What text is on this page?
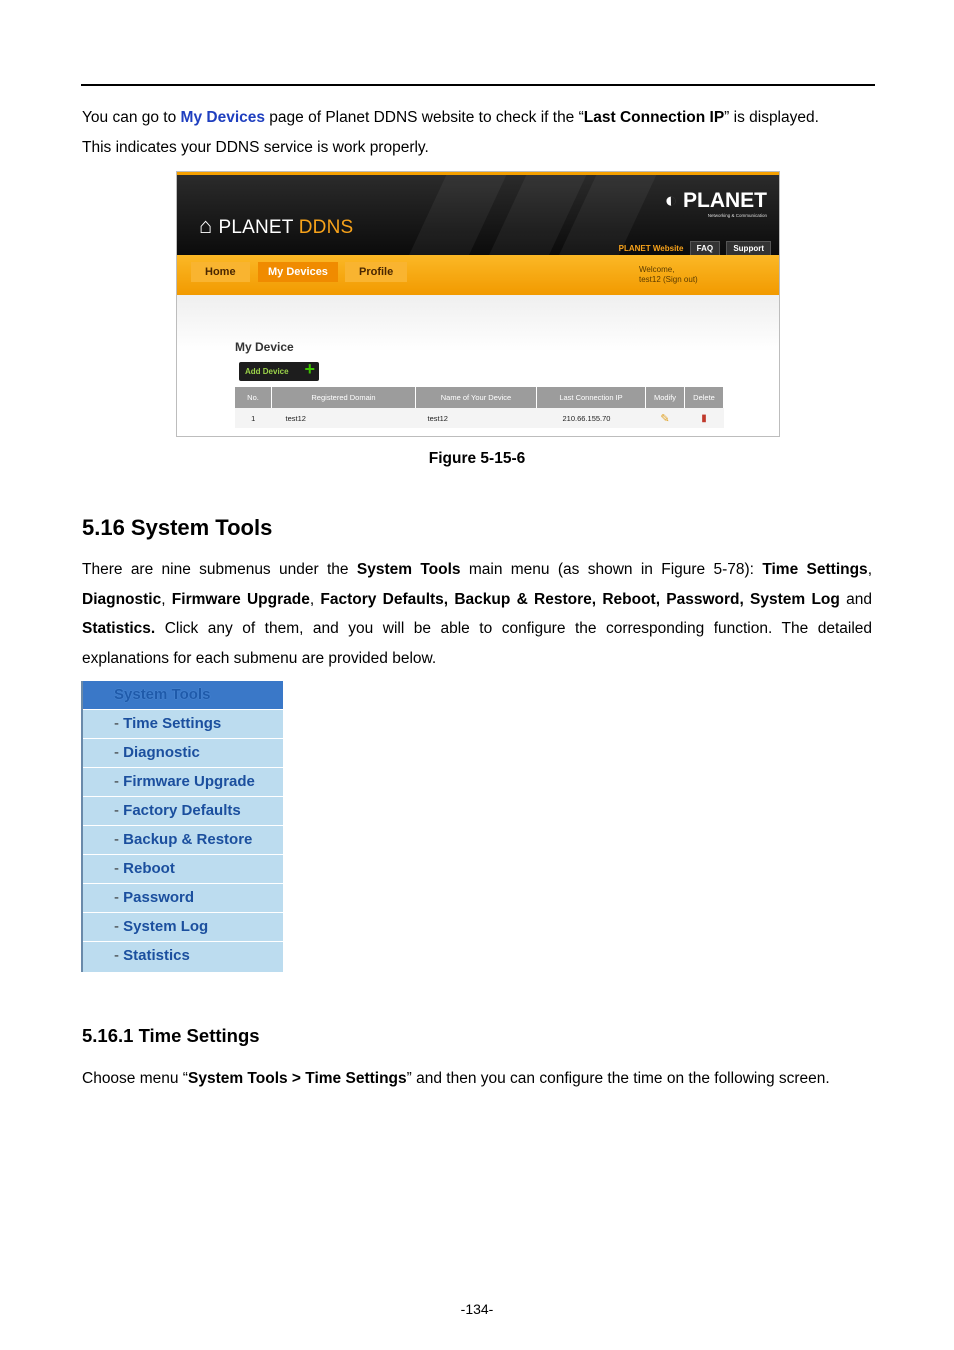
You can go to My Devices page of Planet DDNS website to check if the “Last Connection IP” is displayed.
This indicates your DDNS service is work properly.

⌂ PLANET DDNS
◐ PLANET
Networking & Communication
PLANET Website FAQ	Support
Home	My Devices	Profile	Welcome,
test12 (Sign out)
My Device
Add Device +
No.	Registered Domain	Name of Your Device	Last Connection IP	Modify	Delete
1	test12	test12	210.66.155.70	✎	▮
Figure 5-15-6
5.16 System Tools

There are nine submenus under the System Tools main menu (as shown in Figure 5-78): Time Settings, Diagnostic, Firmware Upgrade, Factory Defaults, Backup & Restore, Reboot, Password, System Log and Statistics. Click any of them, and you will be able to configure the corresponding function. The detailed explanations for each submenu are provided below.

System Tools
- Time Settings
- Diagnostic
- Firmware Upgrade
- Factory Defaults
- Backup & Restore
- Reboot
- Password
- System Log
- Statistics
5.16.1 Time Settings

Choose menu “System Tools > Time Settings” and then you can configure the time on the following screen.

-134-
